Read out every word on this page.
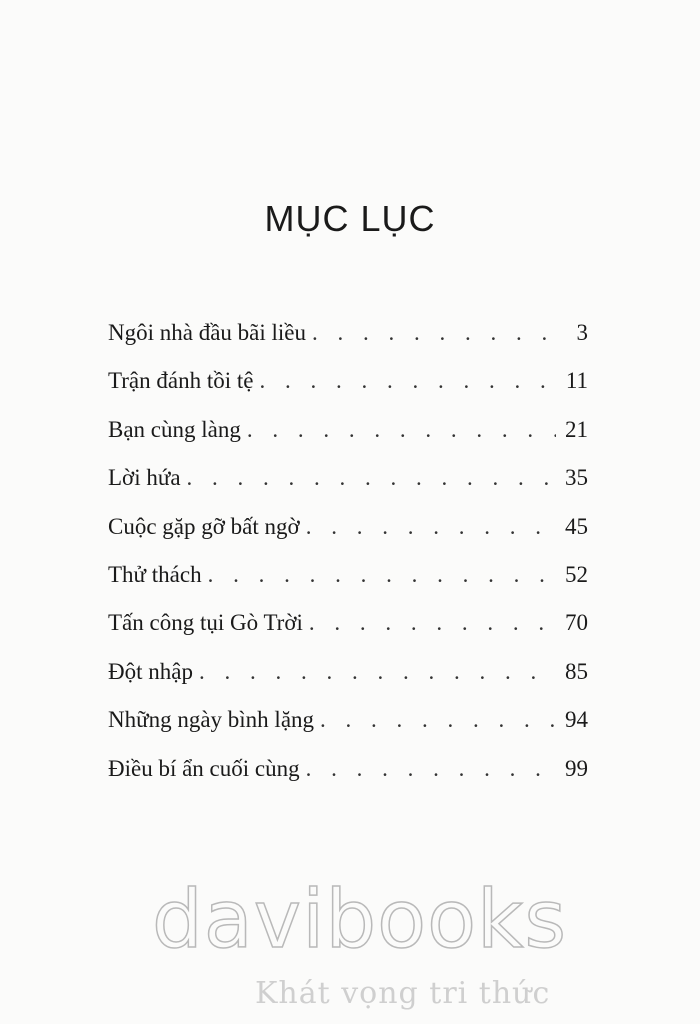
MỤC LỤC
Ngôi nhà đầu bãi liều . . .	3
Trận đánh tồi tệ . . .	11
Bạn cùng làng . . .	21
Lời hứa . . .	35
Cuộc gặp gỡ bất ngờ . . .	45
Thử thách . . .	52
Tấn công tụi Gò Trời . . .	70
Đột nhập . . .	85
Những ngày bình lặng . . .	94
Điều bí ẩn cuối cùng . . .	99
davibooks
Khát vọng tri thức
